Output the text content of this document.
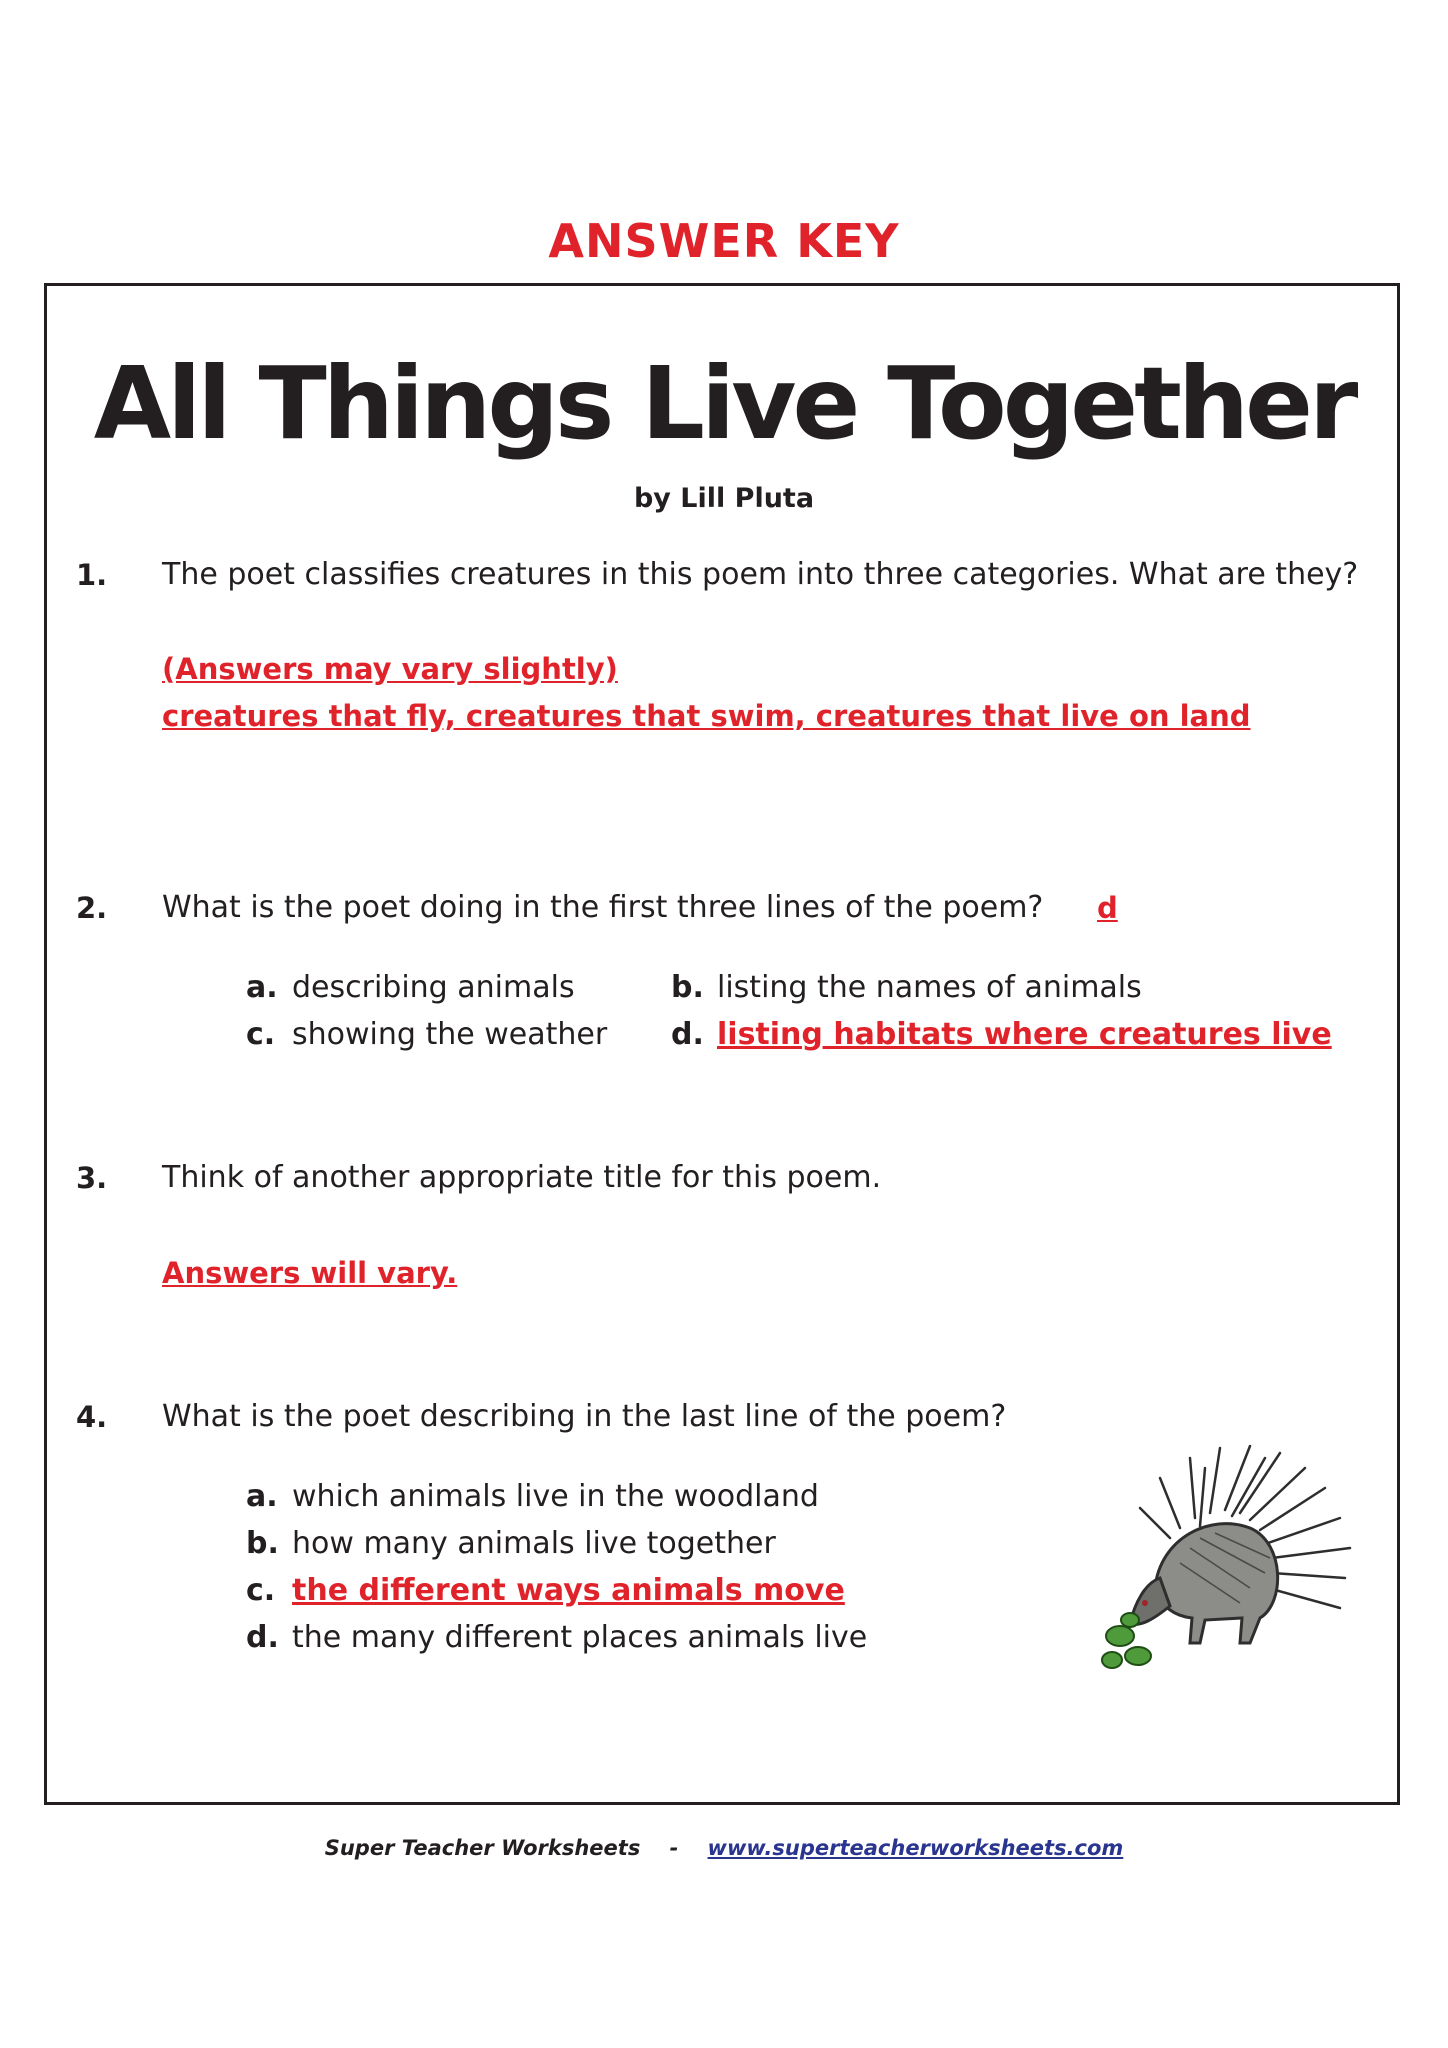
ANSWER KEY
All Things Live Together
by Lill Pluta
1. The poet classifies creatures in this poem into three categories. What are they?
(Answers may vary slightly)
creatures that fly, creatures that swim, creatures that live on land
2. What is the poet doing in the first three lines of the poem? d
a. describing animals	b. listing the names of animals
c. showing the weather d. listing habitats where creatures live
3. Think of another appropriate title for this poem.
Answers will vary.
4. What is the poet describing in the last line of the poem?
a. which animals live in the woodland
b. how many animals live together
c. the different ways animals move
d. the many different places animals live
Super Teacher Worksheets - www.superteacherworksheets.com
